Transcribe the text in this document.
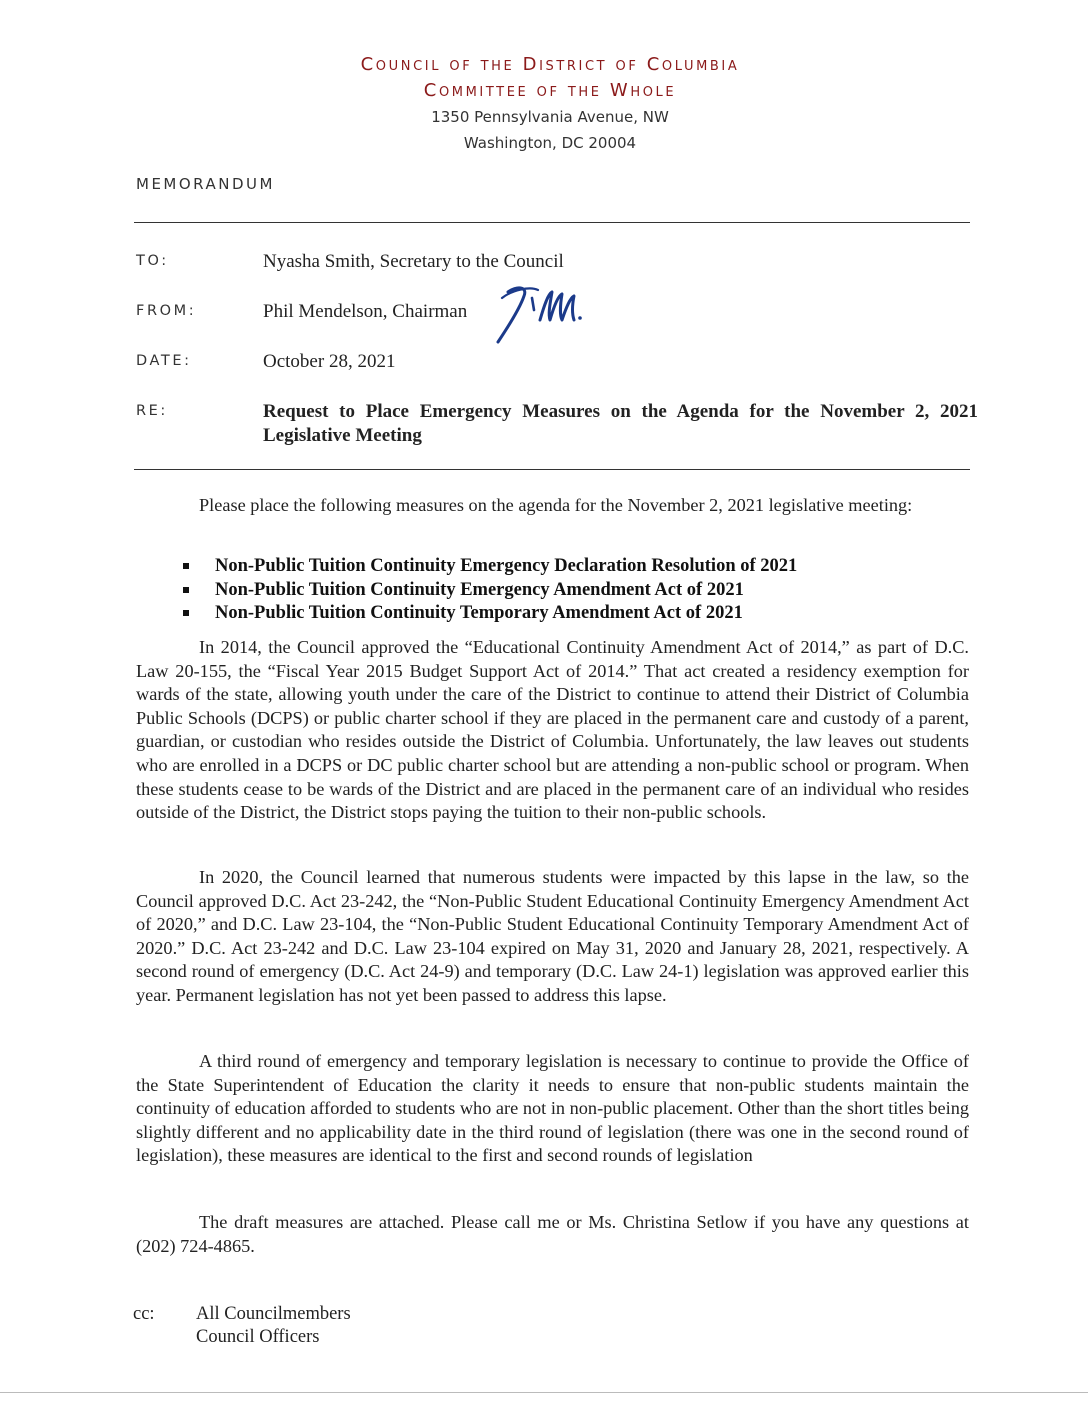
Council of the District of Columbia
Committee of the Whole
1350 Pennsylvania Avenue, NW
Washington, DC 20004
MEMORANDUM
TO:	Nyasha Smith, Secretary to the Council
FROM:	Phil Mendelson, Chairman
DATE:	October 28, 2021
RE:	Request to Place Emergency Measures on the Agenda for the November 2, 2021 Legislative Meeting
Please place the following measures on the agenda for the November 2, 2021 legislative meeting:
Non-Public Tuition Continuity Emergency Declaration Resolution of 2021
Non-Public Tuition Continuity Emergency Amendment Act of 2021
Non-Public Tuition Continuity Temporary Amendment Act of 2021
In 2014, the Council approved the “Educational Continuity Amendment Act of 2014,” as part of D.C. Law 20-155, the “Fiscal Year 2015 Budget Support Act of 2014.” That act created a residency exemption for wards of the state, allowing youth under the care of the District to continue to attend their District of Columbia Public Schools (DCPS) or public charter school if they are placed in the permanent care and custody of a parent, guardian, or custodian who resides outside the District of Columbia. Unfortunately, the law leaves out students who are enrolled in a DCPS or DC public charter school but are attending a non-public school or program. When these students cease to be wards of the District and are placed in the permanent care of an individual who resides outside of the District, the District stops paying the tuition to their non-public schools.
In 2020, the Council learned that numerous students were impacted by this lapse in the law, so the Council approved D.C. Act 23-242, the “Non-Public Student Educational Continuity Emergency Amendment Act of 2020,” and D.C. Law 23-104, the “Non-Public Student Educational Continuity Temporary Amendment Act of 2020.” D.C. Act 23-242 and D.C. Law 23-104 expired on May 31, 2020 and January 28, 2021, respectively. A second round of emergency (D.C. Act 24-9) and temporary (D.C. Law 24-1) legislation was approved earlier this year. Permanent legislation has not yet been passed to address this lapse.
A third round of emergency and temporary legislation is necessary to continue to provide the Office of the State Superintendent of Education the clarity it needs to ensure that non-public students maintain the continuity of education afforded to students who are not in non-public placement. Other than the short titles being slightly different and no applicability date in the third round of legislation (there was one in the second round of legislation), these measures are identical to the first and second rounds of legislation
The draft measures are attached. Please call me or Ms. Christina Setlow if you have any questions at (202) 724-4865.
cc: All Councilmembers
Council Officers
